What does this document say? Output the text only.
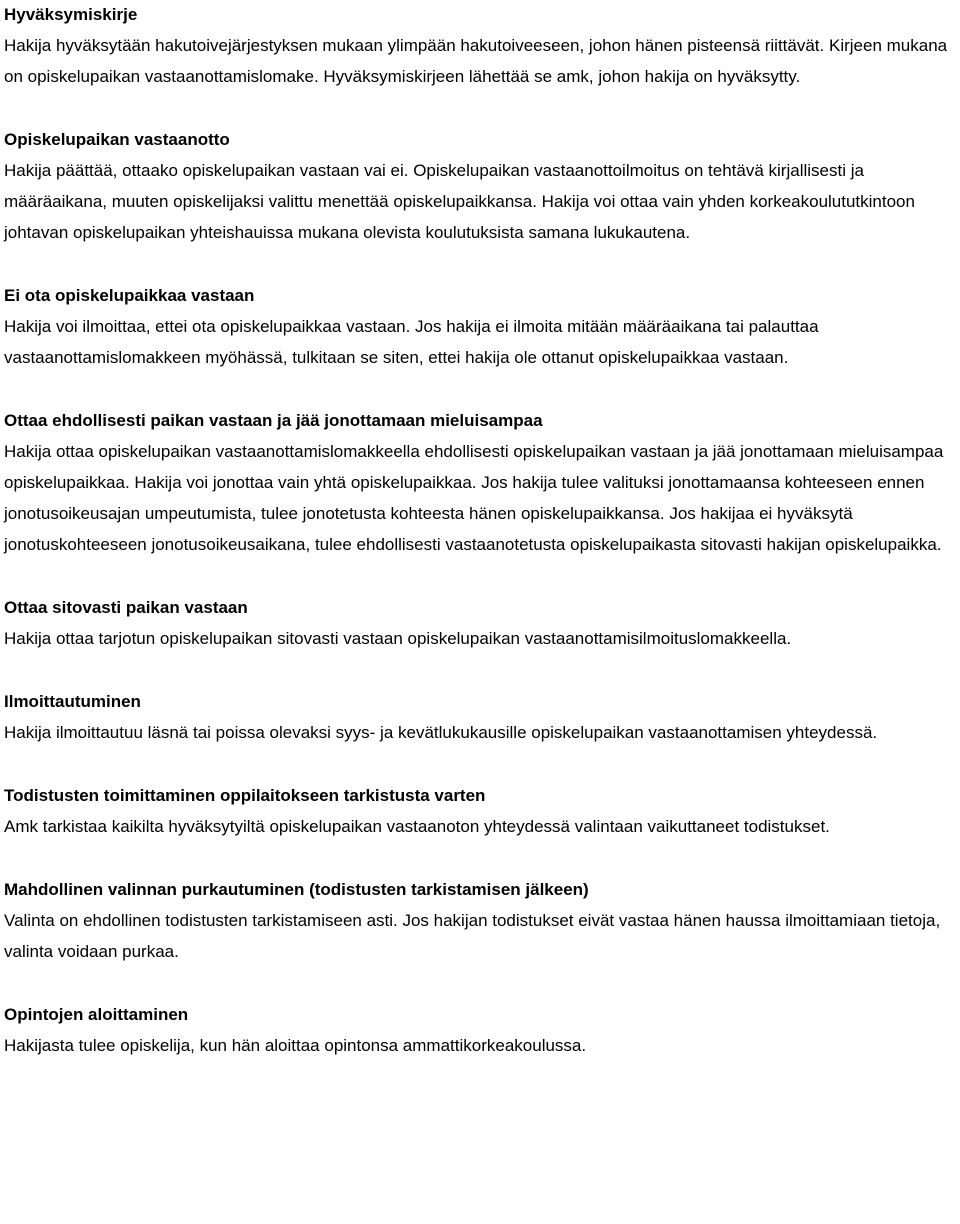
Hyväksymiskirje

Hakija hyväksytään hakutoivejärjestyksen mukaan ylimpään hakutoiveeseen, johon hänen pisteensä riittävät. Kirjeen mukana on opiskelupaikan vastaanottamislomake. Hyväksymiskirjeen lähettää se amk, johon hakija on hyväksytty.

Opiskelupaikan vastaanotto

Hakija päättää, ottaako opiskelupaikan vastaan vai ei. Opiskelupaikan vastaanottoilmoitus on tehtävä kirjallisesti ja määräaikana, muuten opiskelijaksi valittu menettää opiskelupaikkansa. Hakija voi ottaa vain yhden korkeakoulututkintoon johtavan opiskelupaikan yhteishauissa mukana olevista koulutuksista samana lukukautena.

Ei ota opiskelupaikkaa vastaan

Hakija voi ilmoittaa, ettei ota opiskelupaikkaa vastaan. Jos hakija ei ilmoita mitään määräaikana tai palauttaa vastaanottamislomakkeen myöhässä, tulkitaan se siten, ettei hakija ole ottanut opiskelupaikkaa vastaan.

Ottaa ehdollisesti paikan vastaan ja jää jonottamaan mieluisampaa

Hakija ottaa opiskelupaikan vastaanottamislomakkeella ehdollisesti opiskelupaikan vastaan ja jää jonottamaan mieluisampaa opiskelupaikkaa. Hakija voi jonottaa vain yhtä opiskelupaikkaa. Jos hakija tulee valituksi jonottamaansa kohteeseen ennen jonotusoikeusajan umpeutumista, tulee jonotetusta kohteesta hänen opiskelupaikkansa. Jos hakijaa ei hyväksytä jonotuskohteeseen jonotusoikeusaikana, tulee ehdollisesti vastaanotetusta opiskelupaikasta sitovasti hakijan opiskelupaikka.

Ottaa sitovasti paikan vastaan

Hakija ottaa tarjotun opiskelupaikan sitovasti vastaan opiskelupaikan vastaanottamisilmoituslomakkeella.

Ilmoittautuminen

Hakija ilmoittautuu läsnä tai poissa olevaksi syys- ja kevätlukukausille opiskelupaikan vastaanottamisen yhteydessä.

Todistusten toimittaminen oppilaitokseen tarkistusta varten

Amk tarkistaa kaikilta hyväksytyiltä opiskelupaikan vastaanoton yhteydessä valintaan vaikuttaneet todistukset.

Mahdollinen valinnan purkautuminen (todistusten tarkistamisen jälkeen)

Valinta on ehdollinen todistusten tarkistamiseen asti. Jos hakijan todistukset eivät vastaa hänen haussa ilmoittamiaan tietoja, valinta voidaan purkaa.

Opintojen aloittaminen

Hakijasta tulee opiskelija, kun hän aloittaa opintonsa ammattikorkeakoulussa.
